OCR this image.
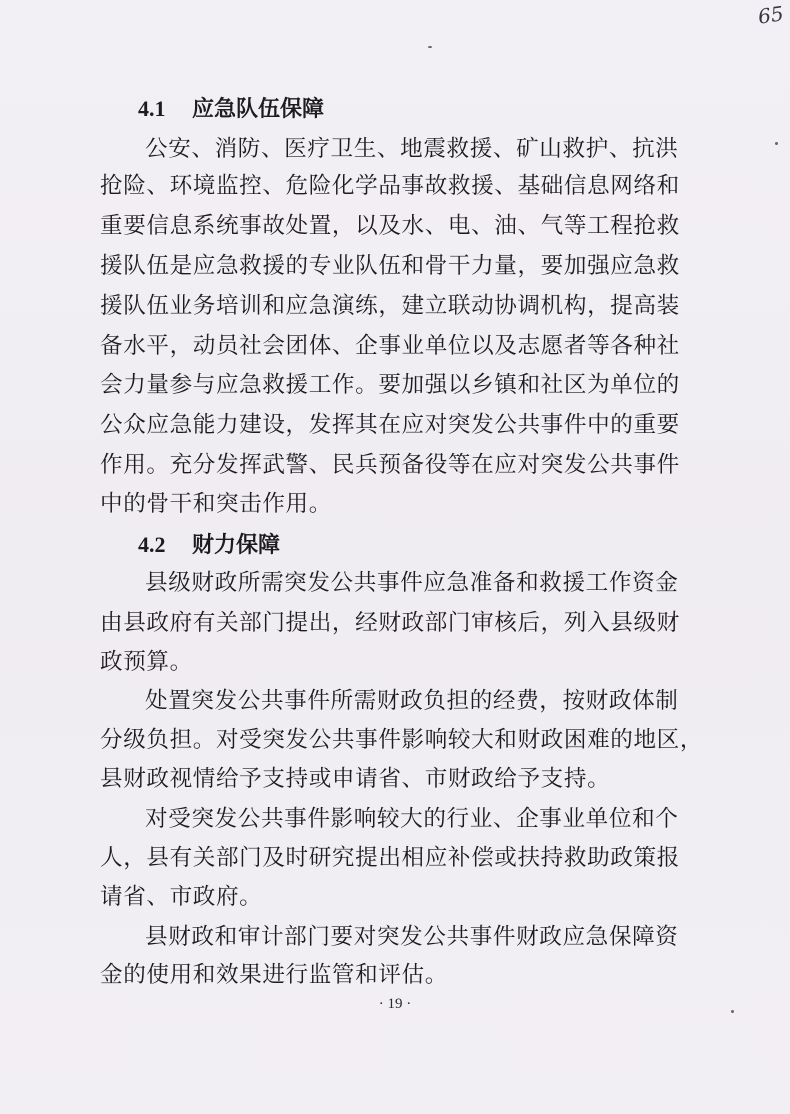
65
4.1 应急队伍保障
公安、消防、医疗卫生、地震救援、矿山救护、抗洪
抢险、环境监控、危险化学品事故救援、基础信息网络和
重要信息系统事故处置，以及水、电、油、气等工程抢救
援队伍是应急救援的专业队伍和骨干力量，要加强应急救
援队伍业务培训和应急演练，建立联动协调机构，提高装
备水平，动员社会团体、企事业单位以及志愿者等各种社
会力量参与应急救援工作。要加强以乡镇和社区为单位的
公众应急能力建设，发挥其在应对突发公共事件中的重要
作用。充分发挥武警、民兵预备役等在应对突发公共事件
中的骨干和突击作用。
4.2 财力保障
县级财政所需突发公共事件应急准备和救援工作资金
由县政府有关部门提出，经财政部门审核后，列入县级财
政预算。
处置突发公共事件所需财政负担的经费，按财政体制
分级负担。对受突发公共事件影响较大和财政困难的地区，
县财政视情给予支持或申请省、市财政给予支持。
对受突发公共事件影响较大的行业、企事业单位和个
人，县有关部门及时研究提出相应补偿或扶持救助政策报
请省、市政府。
县财政和审计部门要对突发公共事件财政应急保障资
金的使用和效果进行监管和评估。
· 19 ·
